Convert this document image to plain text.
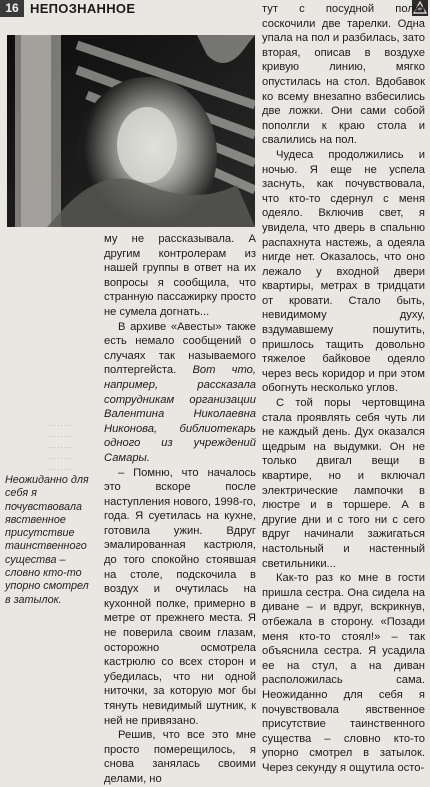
16 НЕПОЗНАННОЕ
········
········
········
········
········
Неожиданно для себя я почувствовала явственное присутствие таинственного существа – словно кто-то упорно смотрел в затылок.

му не рассказывала. А другим контролерам из нашей группы в ответ на их вопросы я сообщила, что странную пассажирку просто не сумела догнать...

В архиве «Авесты» также есть немало сообщений о случаях так называемого полтергейста. Вот что, например, рассказала сотрудникам организации Валентина Николаевна Никонова, библиотекарь одного из учреждений Самары.

– Помню, что началось это вскоре после наступления нового, 1998-го, года. Я суетилась на кухне, готовила ужин. Вдруг эмалированная кастрюля, до того спокойно стоявшая на столе, подскочила в воздух и очутилась на кухонной полке, примерно в метре от прежнего места. Я не поверила своим глазам, осторожно осмотрела кастрюлю со всех сторон и убедилась, что ни одной ниточки, за которую мог бы тянуть невидимый шутник, к ней не привязано.

Решив, что все это мне просто померещилось, я снова занялась своими делами, но

тут с посудной полки соскочили две тарелки. Одна упала на пол и разбилась, зато вторая, описав в воздухе кривую линию, мягко опустилась на стол. Вдобавок ко всему внезапно взбесились две ложки. Они сами собой пополгли к краю стола и свалились на пол.

Чудеса продолжились и ночью. Я еще не успела заснуть, как почувствовала, что кто-то сдернул с меня одеяло. Включив свет, я увидела, что дверь в спальню распахнута настежь, а одеяла нигде нет. Оказалось, что оно лежало у входной двери квартиры, метрах в тридцати от кровати. Стало быть, невидимому духу, вздумавшему пошутить, пришлось тащить довольно тяжелое байковое одеяло через весь коридор и при этом обогнуть несколько углов.

С той поры чертовщина стала проявлять себя чуть ли не каждый день. Дух оказался щедрым на выдумки. Он не только двигал вещи в квартире, но и включал электрические лампочки в люстре и в торшере. А в другие дни и с того ни с сего вдруг начинали зажигаться настольный и настенный светильники...

Как-то раз ко мне в гости пришла сестра. Она сидела на диване – и вдруг, вскрикнув, отбежала в сторону. «Позади меня кто-то стоял!» – так объяснила сестра. Я усадила ее на стул, а на диван расположилась сама. Неожиданно для себя я почувствовала явственное присутствие таинственного существа – словно кто-то упорно смотрел в затылок. Через секунду я ощутила осто-
